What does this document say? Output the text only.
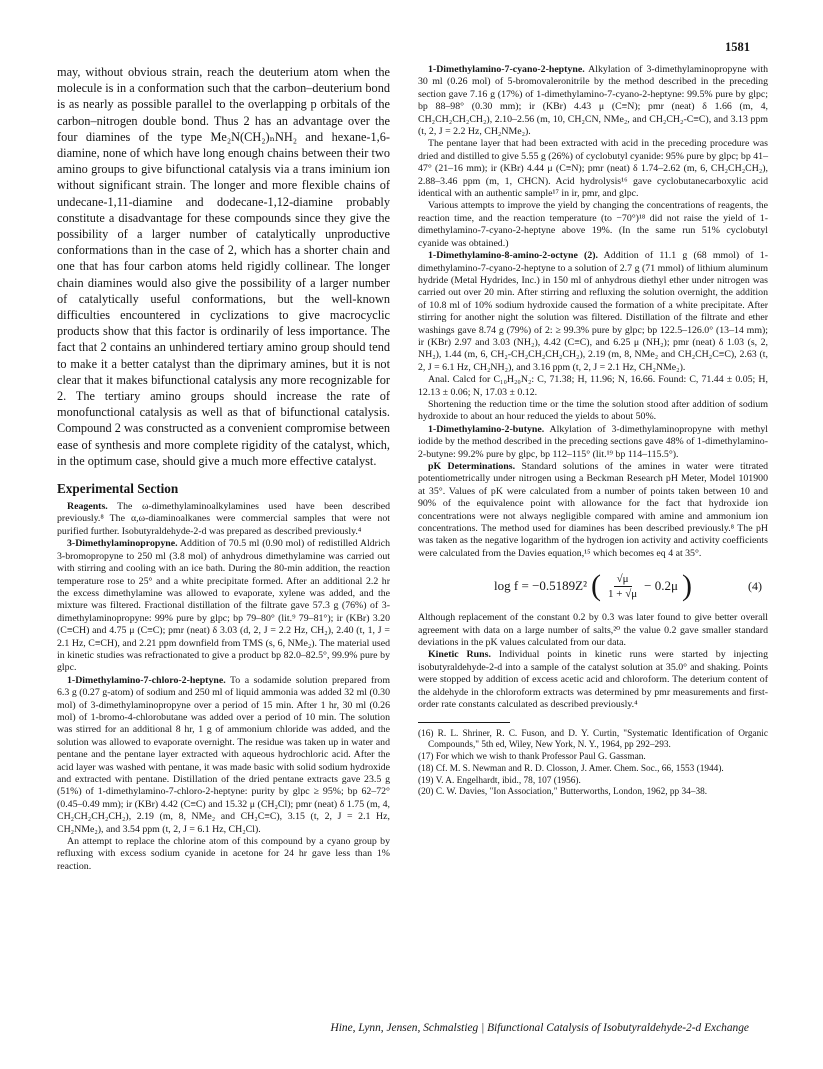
1581

may, without obvious strain, reach the deuterium atom when the molecule is in a conformation such that the carbon–deuterium bond is as nearly as possible parallel to the overlapping p orbitals of the carbon–nitrogen double bond. Thus 2 has an advantage over the four diamines of the type Me₂N(CH₂)ₙNH₂ and hexane-1,6-diamine, none of which have long enough chains between their two amino groups to give bifunctional catalysis via a trans iminium ion without significant strain. The longer and more flexible chains of undecane-1,11-diamine and dodecane-1,12-diamine probably constitute a disadvantage for these compounds since they give the possibility of a larger number of catalytically unproductive conformations than in the case of 2, which has a shorter chain and one that has four carbon atoms held rigidly collinear. The longer chain diamines would also give the possibility of a larger number of catalytically useful conformations, but the well-known difficulties encountered in cyclizations to give macrocyclic products show that this factor is ordinarily of less importance. The fact that 2 contains an unhindered tertiary amino group should tend to make it a better catalyst than the diprimary amines, but it is not clear that it makes bifunctional catalysis any more recognizable for 2. The tertiary amino groups should increase the rate of monofunctional catalysis as well as that of bifunctional catalysis. Compound 2 was constructed as a convenient compromise between ease of synthesis and more complete rigidity of the catalyst, which, in the optimum case, should give a much more effective catalyst.

Experimental Section

Reagents. The ω-dimethylaminoalkylamines used have been described previously.⁸ The α,ω-diaminoalkanes were commercial samples that were not purified further. Isobutyraldehyde-2-d was prepared as described previously.⁴

3-Dimethylaminopropyne. Addition of 70.5 ml (0.90 mol) of redistilled Aldrich 3-bromopropyne to 250 ml (3.8 mol) of anhydrous dimethylamine was carried out with stirring and cooling with an ice bath. During the 80-min addition, the reaction temperature rose to 25° and a white precipitate formed. After an additional 2.2 hr the excess dimethylamine was allowed to evaporate, xylene was added, and the mixture was filtered. Fractional distillation of the filtrate gave 57.3 g (76%) of 3-dimethylaminopropyne: 99% pure by glpc; bp 79–80° (lit.⁹ 79–81°); ir (KBr) 3.20 (C≡CH) and 4.75 μ (C≡C); pmr (neat) δ 3.03 (d, 2, J = 2.2 Hz, CH₂), 2.40 (t, 1, J = 2.1 Hz, C≡CH), and 2.21 ppm downfield from TMS (s, 6, NMe₂). The material used in kinetic studies was refractionated to give a product bp 82.0–82.5°, 99.9% pure by glpc.

1-Dimethylamino-7-chloro-2-heptyne. To a sodamide solution prepared from 6.3 g (0.27 g-atom) of sodium and 250 ml of liquid ammonia was added 32 ml (0.30 mol) of 3-dimethylaminopropyne over a period of 15 min. After 1 hr, 30 ml (0.26 mol) of 1-bromo-4-chlorobutane was added over a period of 10 min. The solution was stirred for an additional 8 hr, 1 g of ammonium chloride was added, and the solution was allowed to evaporate overnight. The residue was taken up in water and pentane and the pentane layer extracted with aqueous hydrochloric acid. After the acid layer was washed with pentane, it was made basic with solid sodium hydroxide and extracted with pentane. Distillation of the dried pentane extracts gave 23.5 g (51%) of 1-dimethylamino-7-chloro-2-heptyne: purity by glpc ≥ 95%; bp 62–72° (0.45–0.49 mm); ir (KBr) 4.42 (C≡C) and 15.32 μ (CH₂Cl); pmr (neat) δ 1.75 (m, 4, CH₂CH₂CH₂CH₂), 2.19 (m, 8, NMe₂ and CH₂C≡C), 3.15 (t, 2, J = 2.1 Hz, CH₂NMe₂), and 3.54 ppm (t, 2, J = 6.1 Hz, CH₂Cl).

An attempt to replace the chlorine atom of this compound by a cyano group by refluxing with excess sodium cyanide in acetone for 24 hr gave less than 1% reaction.

1-Dimethylamino-7-cyano-2-heptyne. Alkylation of 3-dimethylaminopropyne with 30 ml (0.26 mol) of 5-bromovaleronitrile by the method described in the preceding section gave 7.16 g (17%) of 1-dimethylamino-7-cyano-2-heptyne: 99.5% pure by glpc; bp 88–98° (0.30 mm); ir (KBr) 4.43 μ (C≡N); pmr (neat) δ 1.66 (m, 4, CH₂CH₂CH₂CH₂), 2.10–2.56 (m, 10, CH₂CN, NMe₂, and CH₂CH₂-C≡C), and 3.13 ppm (t, 2, J = 2.2 Hz, CH₂NMe₂).

The pentane layer that had been extracted with acid in the preceding procedure was dried and distilled to give 5.55 g (26%) of cyclobutyl cyanide: 95% pure by glpc; bp 41–47° (21–16 mm); ir (KBr) 4.44 μ (C≡N); pmr (neat) δ 1.74–2.62 (m, 6, CH₂CH₂CH₂), 2.88–3.46 ppm (m, 1, CHCN). Acid hydrolysis¹⁶ gave cyclobutanecarboxylic acid identical with an authentic sample¹⁷ in ir, pmr, and glpc.

Various attempts to improve the yield by changing the concentrations of reagents, the reaction time, and the reaction temperature (to −70°)¹⁸ did not raise the yield of 1-dimethylamino-7-cyano-2-heptyne above 19%. (In the same run 51% cyclobutyl cyanide was obtained.)

1-Dimethylamino-8-amino-2-octyne (2). Addition of 11.1 g (68 mmol) of 1-dimethylamino-7-cyano-2-heptyne to a solution of 2.7 g (71 mmol) of lithium aluminum hydride (Metal Hydrides, Inc.) in 150 ml of anhydrous diethyl ether under nitrogen was carried out over 20 min. After stirring and refluxing the solution overnight, the addition of 10.8 ml of 10% sodium hydroxide caused the formation of a white precipitate. After stirring for another night the solution was filtered. Distillation of the filtrate and ether washings gave 8.74 g (79%) of 2: ≥ 99.3% pure by glpc; bp 122.5–126.0° (13–14 mm); ir (KBr) 2.97 and 3.03 (NH₂), 4.42 (C≡C), and 6.25 μ (NH₂); pmr (neat) δ 1.03 (s, 2, NH₂), 1.44 (m, 6, CH₂-CH₂CH₂CH₂CH₂), 2.19 (m, 8, NMe₂ and CH₂CH₂C≡C), 2.63 (t, 2, J = 6.1 Hz, CH₂NH₂), and 3.16 ppm (t, 2, J = 2.1 Hz, CH₂NMe₂).

Anal. Calcd for C₁₀H₂₀N₂: C, 71.38; H, 11.96; N, 16.66. Found: C, 71.44 ± 0.05; H, 12.13 ± 0.06; N, 17.03 ± 0.12.

Shortening the reduction time or the time the solution stood after addition of sodium hydroxide to about an hour reduced the yields to about 50%.

1-Dimethylamino-2-butyne. Alkylation of 3-dimethylaminopropyne with methyl iodide by the method described in the preceding sections gave 48% of 1-dimethylamino-2-butyne: 99.2% pure by glpc, bp 112–115° (lit.¹⁹ bp 114–115.5°).

pK Determinations. Standard solutions of the amines in water were titrated potentiometrically under nitrogen using a Beckman Research pH Meter, Model 101900 at 35°. Values of pK were calculated from a number of points taken between 10 and 90% of the equivalence point with allowance for the fact that hydroxide ion concentrations were not always negligible compared with amine and ammonium ion concentrations. The method used for diamines has been described previously.⁸ The pH was taken as the negative logarithm of the hydrogen ion activity and activity coefficients were calculated from the Davies equation,¹⁵ which becomes eq 4 at 35°.

log f = −0.5189Z² ( $\frac{√\mu}{1 + √\mu} - 0.2\mu$ )	(4)

Although replacement of the constant 0.2 by 0.3 was later found to give better overall agreement with data on a large number of salts,²⁰ the value 0.2 gave smaller standard deviations in the pK values calculated from our data.

Kinetic Runs. Individual points in kinetic runs were started by injecting isobutyraldehyde-2-d into a sample of the catalyst solution at 35.0° and shaking. Points were stopped by addition of excess acetic acid and chloroform. The deterium content of the aldehyde in the chloroform extracts was determined by pmr measurements and first-order rate constants calculated as described previously.⁴

(16) R. L. Shriner, R. C. Fuson, and D. Y. Curtin, "Systematic Identification of Organic Compounds," 5th ed, Wiley, New York, N. Y., 1964, pp 292–293.

(17) For which we wish to thank Professor Paul G. Gassman.

(18) Cf. M. S. Newman and R. D. Closson, J. Amer. Chem. Soc., 66, 1553 (1944).

(19) V. A. Engelhardt, ibid., 78, 107 (1956).

(20) C. W. Davies, "Ion Association," Butterworths, London, 1962, pp 34–38.

Hine, Lynn, Jensen, Schmalstieg | Bifunctional Catalysis of Isobutyraldehyde-2-d Exchange
